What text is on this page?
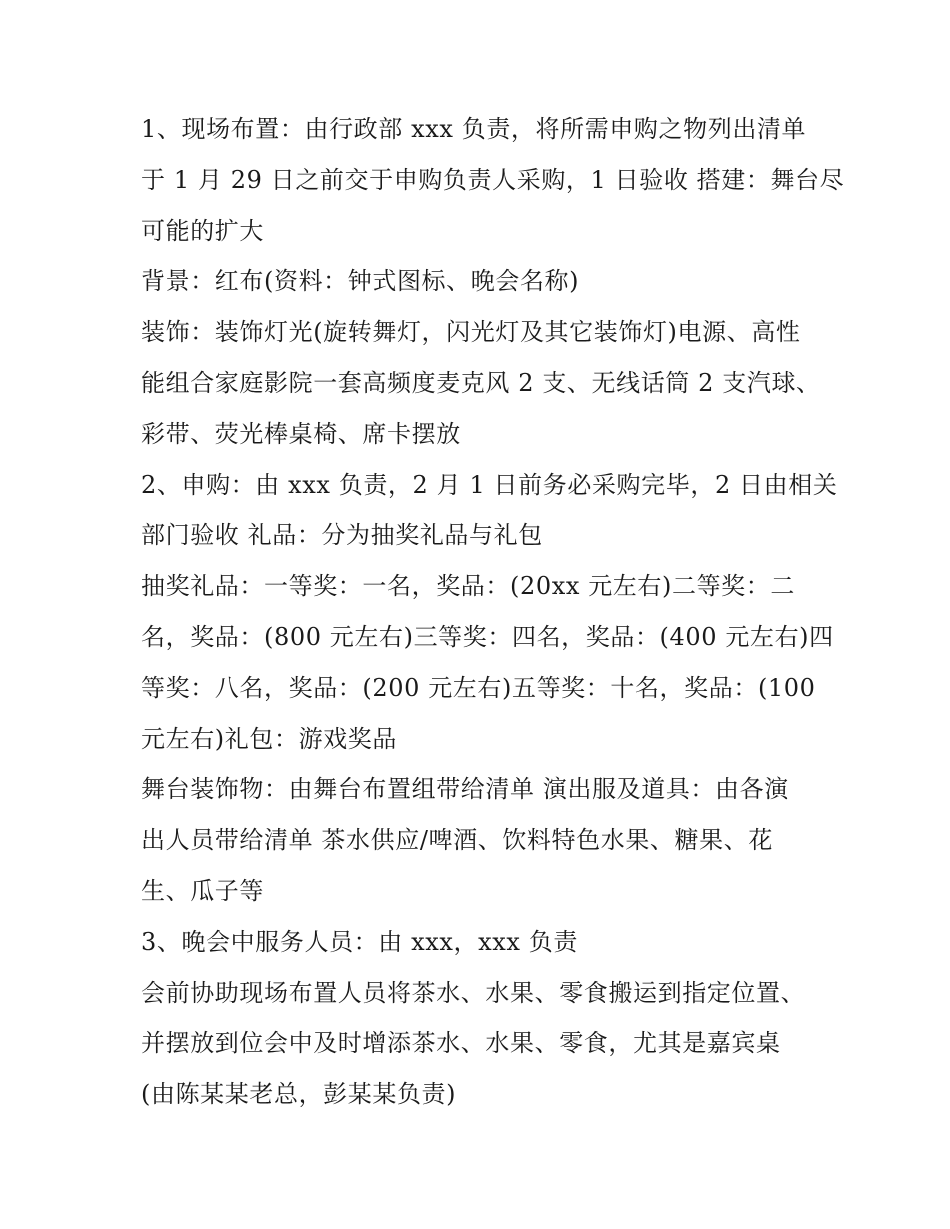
1、现场布置：由行政部 xxx 负责，将所需申购之物列出清单
于 1 月 29 日之前交于申购负责人采购，1 日验收 搭建：舞台尽
可能的扩大
背景：红布(资料：钟式图标、晚会名称)
装饰：装饰灯光(旋转舞灯，闪光灯及其它装饰灯)电源、高性
能组合家庭影院一套高频度麦克风 2 支、无线话筒 2 支汽球、
彩带、荧光棒桌椅、席卡摆放
2、申购：由 xxx 负责，2 月 1 日前务必采购完毕，2 日由相关
部门验收 礼品：分为抽奖礼品与礼包
抽奖礼品：一等奖：一名，奖品：(20xx 元左右)二等奖：二
名，奖品：(800 元左右)三等奖：四名，奖品：(400 元左右)四
等奖：八名，奖品：(200 元左右)五等奖：十名，奖品：(100
元左右)礼包：游戏奖品
舞台装饰物：由舞台布置组带给清单 演出服及道具：由各演
出人员带给清单 茶水供应/啤酒、饮料特色水果、糖果、花
生、瓜子等
3、晚会中服务人员：由 xxx，xxx 负责
会前协助现场布置人员将茶水、水果、零食搬运到指定位置、
并摆放到位会中及时增添茶水、水果、零食，尤其是嘉宾桌
(由陈某某老总，彭某某负责)
